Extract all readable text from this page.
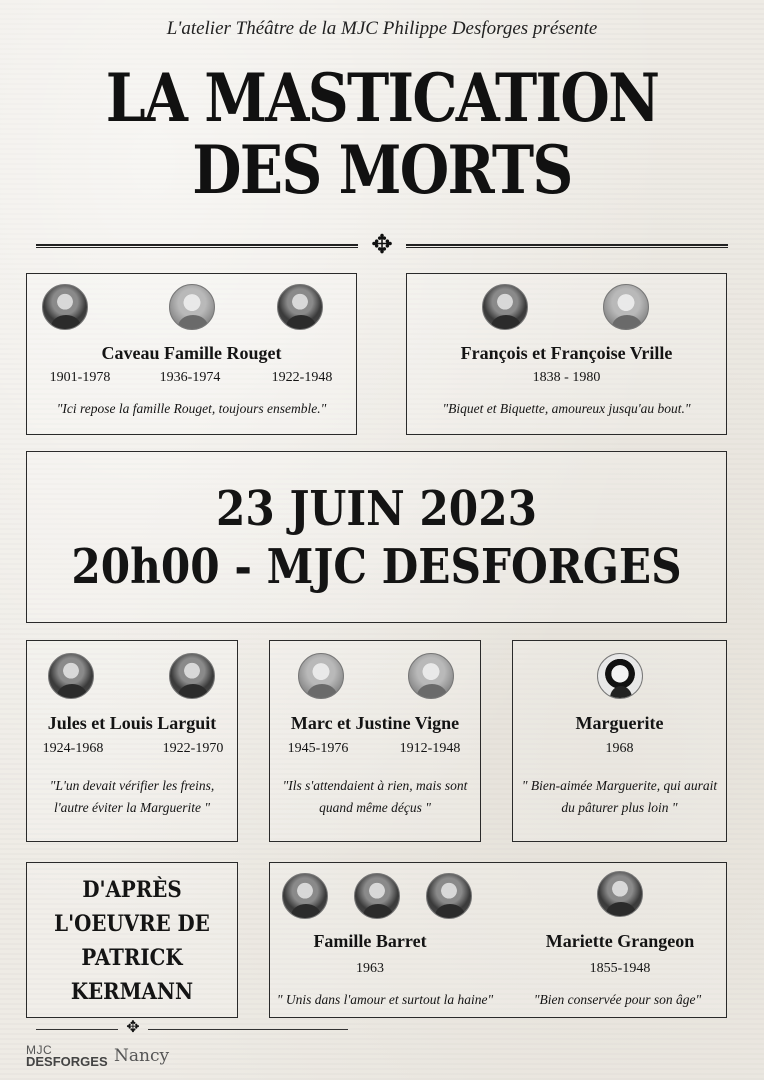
L'atelier Théâtre de la MJC Philippe Desforges présente
LA MASTICATION
DES MORTS
✥
Caveau Famille Rouget
1901-1978	1936-1974	1922-1948
"Ici repose la famille Rouget, toujours ensemble."
François et Françoise Vrille
1838 - 1980
"Biquet et Biquette, amoureux jusqu'au bout."
23 JUIN 2023
20h00 - MJC DESFORGES
Jules et Louis Larguit
1924-1968	1922-1970
"L'un devait vérifier les freins,
l'autre éviter la Marguerite "
Marc et Justine Vigne
1945-1976	1912-1948
"Ils s'attendaient à rien, mais sont
quand même déçus "
Marguerite
1968
" Bien-aimée Marguerite, qui aurait
du pâturer plus loin "
D'APRÈS
L'OEUVRE DE
PATRICK
KERMANN
Famille Barret
1963
" Unis dans l'amour et surtout la haine"
Mariette Grangeon
1855-1948
"Bien conservée pour son âge"
✥
MJC
DESFORGES Nancy
